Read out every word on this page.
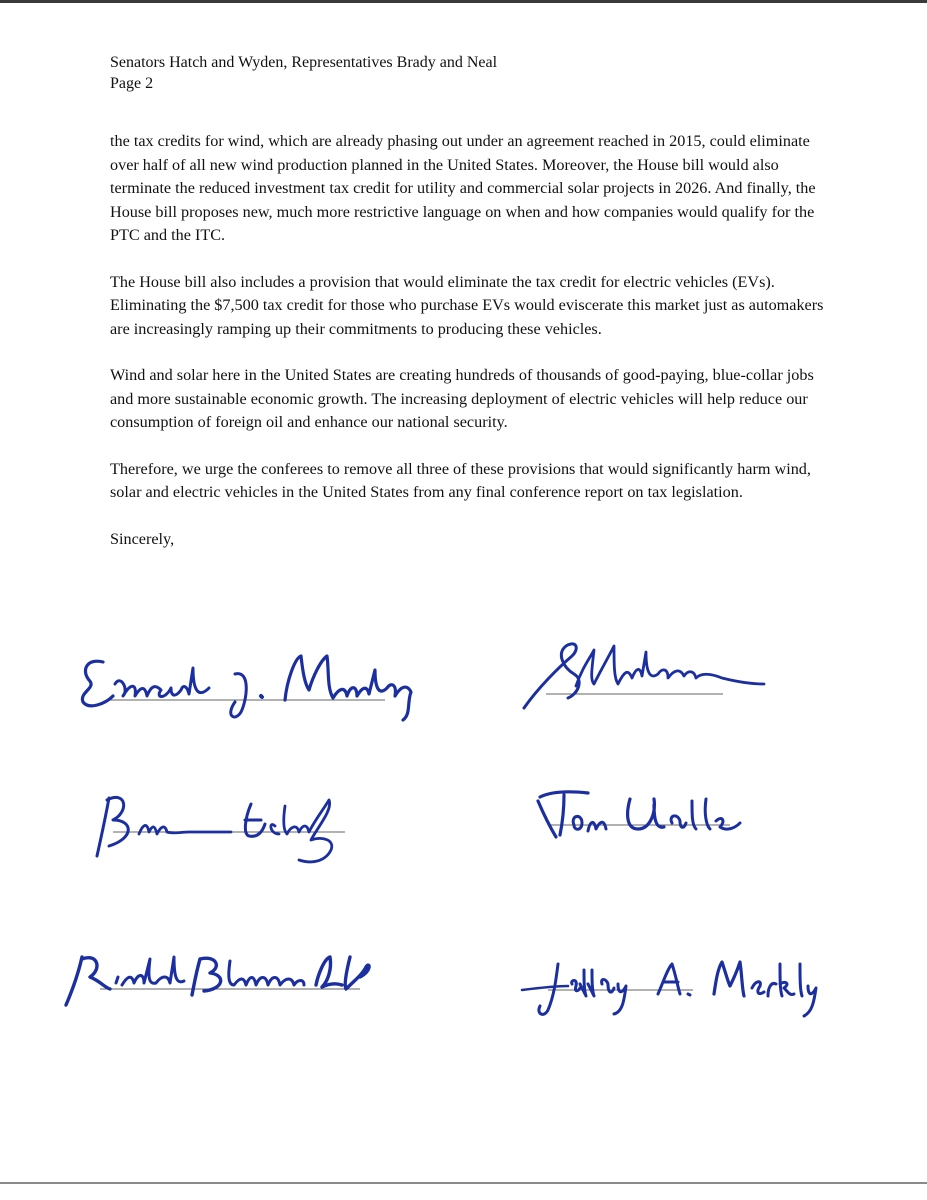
Senators Hatch and Wyden, Representatives Brady and Neal
Page 2

the tax credits for wind, which are already phasing out under an agreement reached in 2015, could eliminate over half of all new wind production planned in the United States. Moreover, the House bill would also terminate the reduced investment tax credit for utility and commercial solar projects in 2026. And finally, the House bill proposes new, much more restrictive language on when and how companies would qualify for the PTC and the ITC.

The House bill also includes a provision that would eliminate the tax credit for electric vehicles (EVs). Eliminating the $7,500 tax credit for those who purchase EVs would eviscerate this market just as automakers are increasingly ramping up their commitments to producing these vehicles.

Wind and solar here in the United States are creating hundreds of thousands of good-paying, blue-collar jobs and more sustainable economic growth. The increasing deployment of electric vehicles will help reduce our consumption of foreign oil and enhance our national security.

Therefore, we urge the conferees to remove all three of these provisions that would significantly harm wind, solar and electric vehicles in the United States from any final conference report on tax legislation.

Sincerely,
